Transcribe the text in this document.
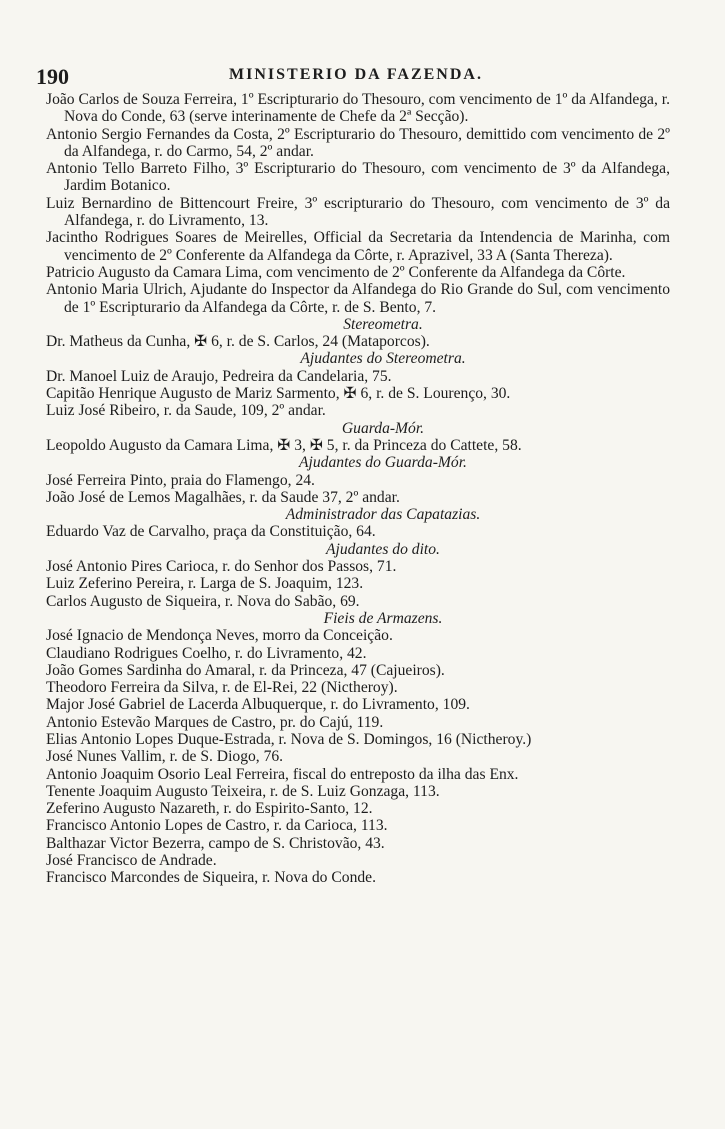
190	MINISTERIO DA FAZENDA.

João Carlos de Souza Ferreira, 1º Escripturario do Thesouro, com vencimento de 1º da Alfandega, r. Nova do Conde, 63 (serve interinamente de Chefe da 2ª Secção).

Antonio Sergio Fernandes da Costa, 2º Escripturario do Thesouro, demittido com vencimento de 2º da Alfandega, r. do Carmo, 54, 2º andar.

Antonio Tello Barreto Filho, 3º Escripturario do Thesouro, com vencimento de 3º da Alfandega, Jardim Botanico.

Luiz Bernardino de Bittencourt Freire, 3º escripturario do Thesouro, com vencimento de 3º da Alfandega, r. do Livramento, 13.

Jacintho Rodrigues Soares de Meirelles, Official da Secretaria da Intendencia de Marinha, com vencimento de 2º Conferente da Alfandega da Côrte, r. Aprazivel, 33 A (Santa Thereza).

Patricio Augusto da Camara Lima, com vencimento de 2º Conferente da Alfandega da Côrte.

Antonio Maria Ulrich, Ajudante do Inspector da Alfandega do Rio Grande do Sul, com vencimento de 1º Escripturario da Alfandega da Côrte, r. de S. Bento, 7.

Stereometra.

Dr. Matheus da Cunha, ✠ 6, r. de S. Carlos, 24 (Mataporcos).

Ajudantes do Stereometra.

Dr. Manoel Luiz de Araujo, Pedreira da Candelaria, 75.

Capitão Henrique Augusto de Mariz Sarmento, ✠ 6, r. de S. Lourenço, 30.

Luiz José Ribeiro, r. da Saude, 109, 2º andar.

Guarda-Mór.

Leopoldo Augusto da Camara Lima, ✠ 3, ✠ 5, r. da Princeza do Cattete, 58.

Ajudantes do Guarda-Mór.

José Ferreira Pinto, praia do Flamengo, 24.

João José de Lemos Magalhães, r. da Saude 37, 2º andar.

Administrador das Capatazias.

Eduardo Vaz de Carvalho, praça da Constituição, 64.

Ajudantes do dito.

José Antonio Pires Carioca, r. do Senhor dos Passos, 71.

Luiz Zeferino Pereira, r. Larga de S. Joaquim, 123.

Carlos Augusto de Siqueira, r. Nova do Sabão, 69.

Fieis de Armazens.

José Ignacio de Mendonça Neves, morro da Conceição.

Claudiano Rodrigues Coelho, r. do Livramento, 42.

João Gomes Sardinha do Amaral, r. da Princeza, 47 (Cajueiros).

Theodoro Ferreira da Silva, r. de El-Rei, 22 (Nictheroy).

Major José Gabriel de Lacerda Albuquerque, r. do Livramento, 109.

Antonio Estevão Marques de Castro, pr. do Cajú, 119.

Elias Antonio Lopes Duque-Estrada, r. Nova de S. Domingos, 16 (Nictheroy.)

José Nunes Vallim, r. de S. Diogo, 76.

Antonio Joaquim Osorio Leal Ferreira, fiscal do entreposto da ilha das Enx.

Tenente Joaquim Augusto Teixeira, r. de S. Luiz Gonzaga, 113.

Zeferino Augusto Nazareth, r. do Espirito-Santo, 12.

Francisco Antonio Lopes de Castro, r. da Carioca, 113.

Balthazar Victor Bezerra, campo de S. Christovão, 43.

José Francisco de Andrade.

Francisco Marcondes de Siqueira, r. Nova do Conde.
